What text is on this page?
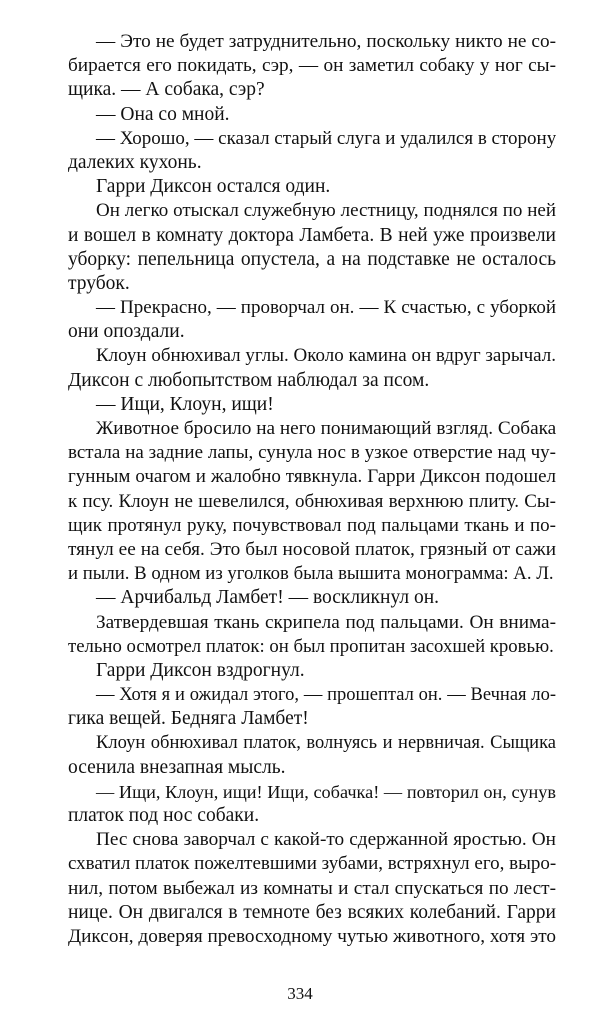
— Это не будет затруднительно, поскольку никто не со-
бирается его покидать, сэр, — он заметил собаку у ног сы-
щика. — А собака, сэр?
— Она со мной.
— Хорошо, — сказал старый слуга и удалился в сторону
далеких кухонь.
Гарри Диксон остался один.
Он легко отыскал служебную лестницу, поднялся по ней
и вошел в комнату доктора Ламбета. В ней уже произвели
уборку: пепельница опустела, а на подставке не осталось
трубок.
— Прекрасно, — проворчал он. — К счастью, с уборкой
они опоздали.
Клоун обнюхивал углы. Около камина он вдруг зарычал.
Диксон с любопытством наблюдал за псом.
— Ищи, Клоун, ищи!
Животное бросило на него понимающий взгляд. Собака
встала на задние лапы, сунула нос в узкое отверстие над чу-
гунным очагом и жалобно тявкнула. Гарри Диксон подошел
к псу. Клоун не шевелился, обнюхивая верхнюю плиту. Сы-
щик протянул руку, почувствовал под пальцами ткань и по-
тянул ее на себя. Это был носовой платок, грязный от сажи
и пыли. В одном из уголков была вышита монограмма: А. Л.
— Арчибальд Ламбет! — воскликнул он.
Затвердевшая ткань скрипела под пальцами. Он внима-
тельно осмотрел платок: он был пропитан засохшей кровью.
Гарри Диксон вздрогнул.
— Хотя я и ожидал этого, — прошептал он. — Вечная ло-
гика вещей. Бедняга Ламбет!
Клоун обнюхивал платок, волнуясь и нервничая. Сыщика
осенила внезапная мысль.
— Ищи, Клоун, ищи! Ищи, собачка! — повторил он, сунув
платок под нос собаки.
Пес снова заворчал с какой-то сдержанной яростью. Он
схватил платок пожелтевшими зубами, встряхнул его, выро-
нил, потом выбежал из комнаты и стал спускаться по лест-
нице. Он двигался в темноте без всяких колебаний. Гарри
Диксон, доверяя превосходному чутью животного, хотя это
334
